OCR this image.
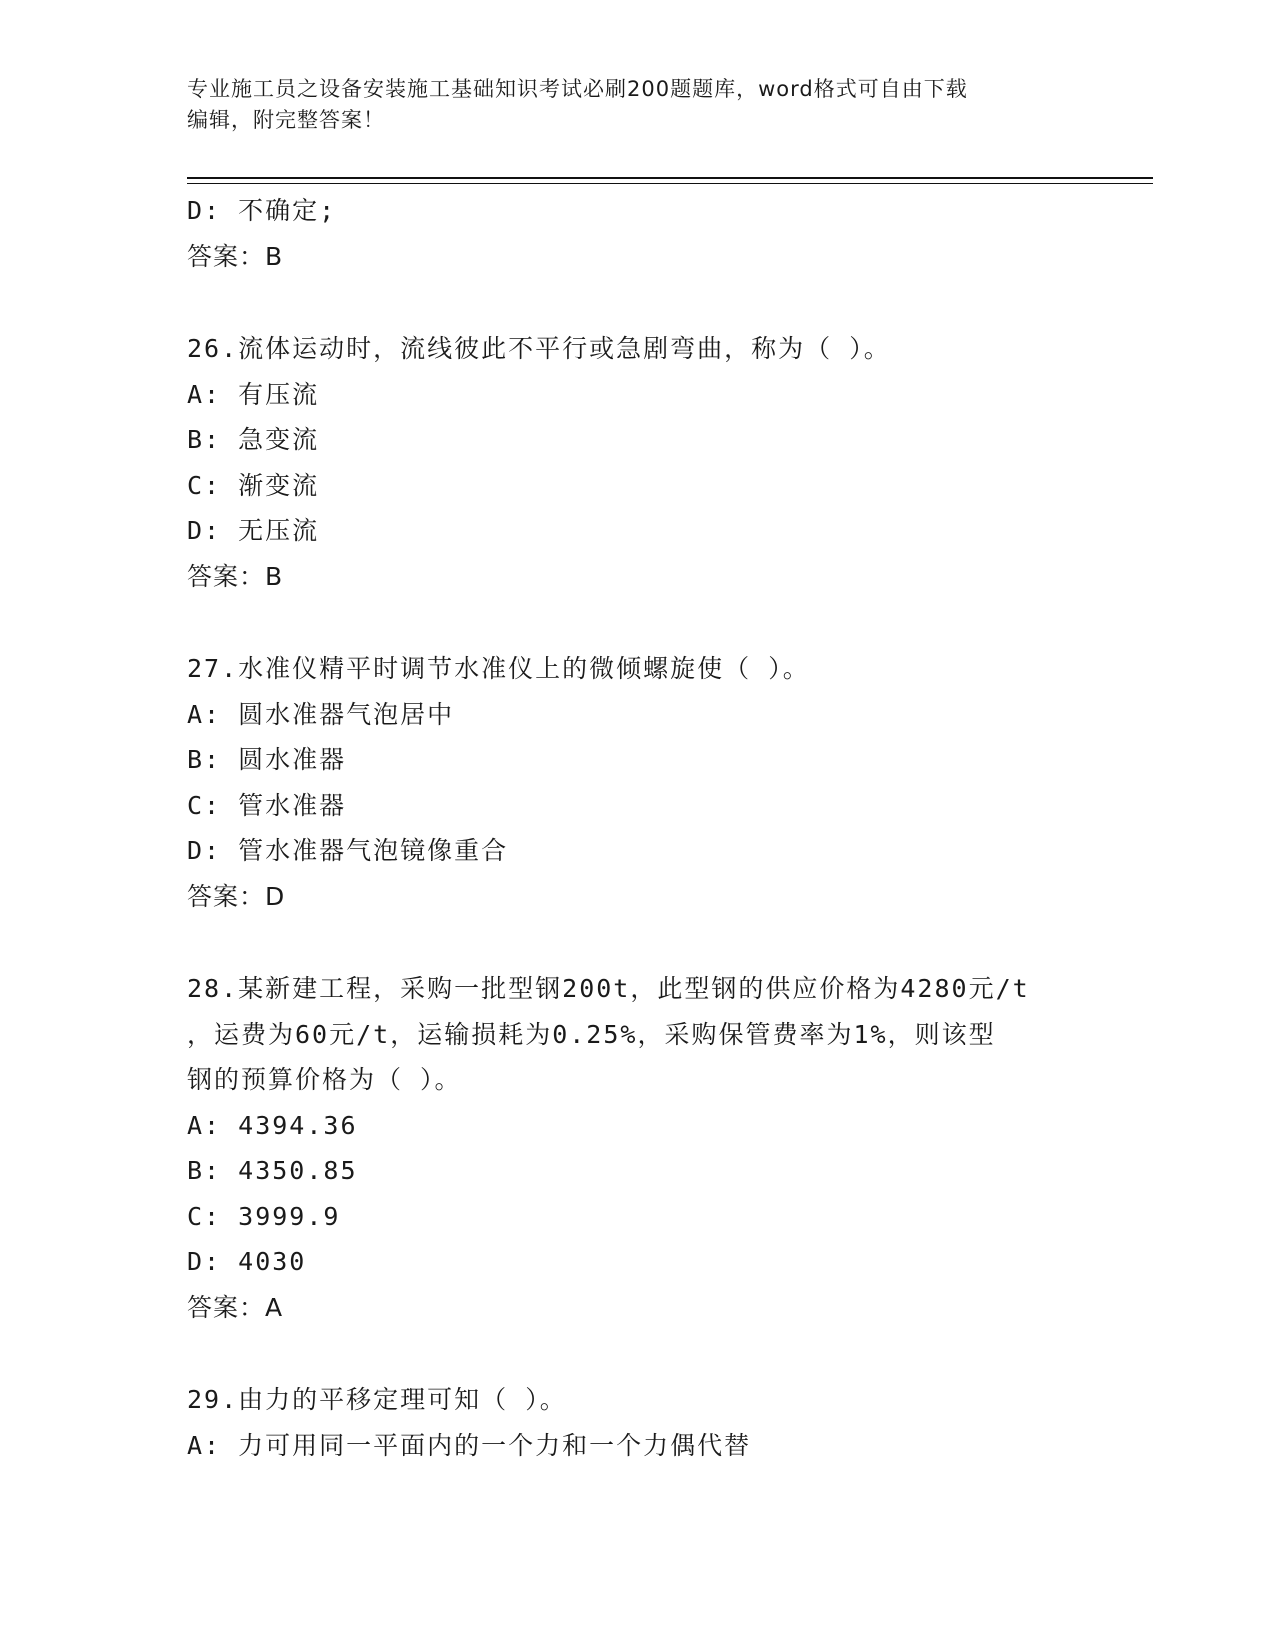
专业施工员之设备安装施工基础知识考试必刷200题题库，word格式可自由下载
编辑，附完整答案！
D: 不确定;
答案：B
26.流体运动时，流线彼此不平行或急剧弯曲，称为（ ）。
A: 有压流
B: 急变流
C: 渐变流
D: 无压流
答案：B
27.水准仪精平时调节水准仪上的微倾螺旋使（ ）。
A: 圆水准器气泡居中
B: 圆水准器
C: 管水准器
D: 管水准器气泡镜像重合
答案：D
28.某新建工程，采购一批型钢200t，此型钢的供应价格为4280元/t
，运费为60元/t，运输损耗为0.25%，采购保管费率为1%，则该型
钢的预算价格为（ ）。
A: 4394.36
B: 4350.85
C: 3999.9
D: 4030
答案：A
29.由力的平移定理可知（ ）。
A: 力可用同一平面内的一个力和一个力偶代替
